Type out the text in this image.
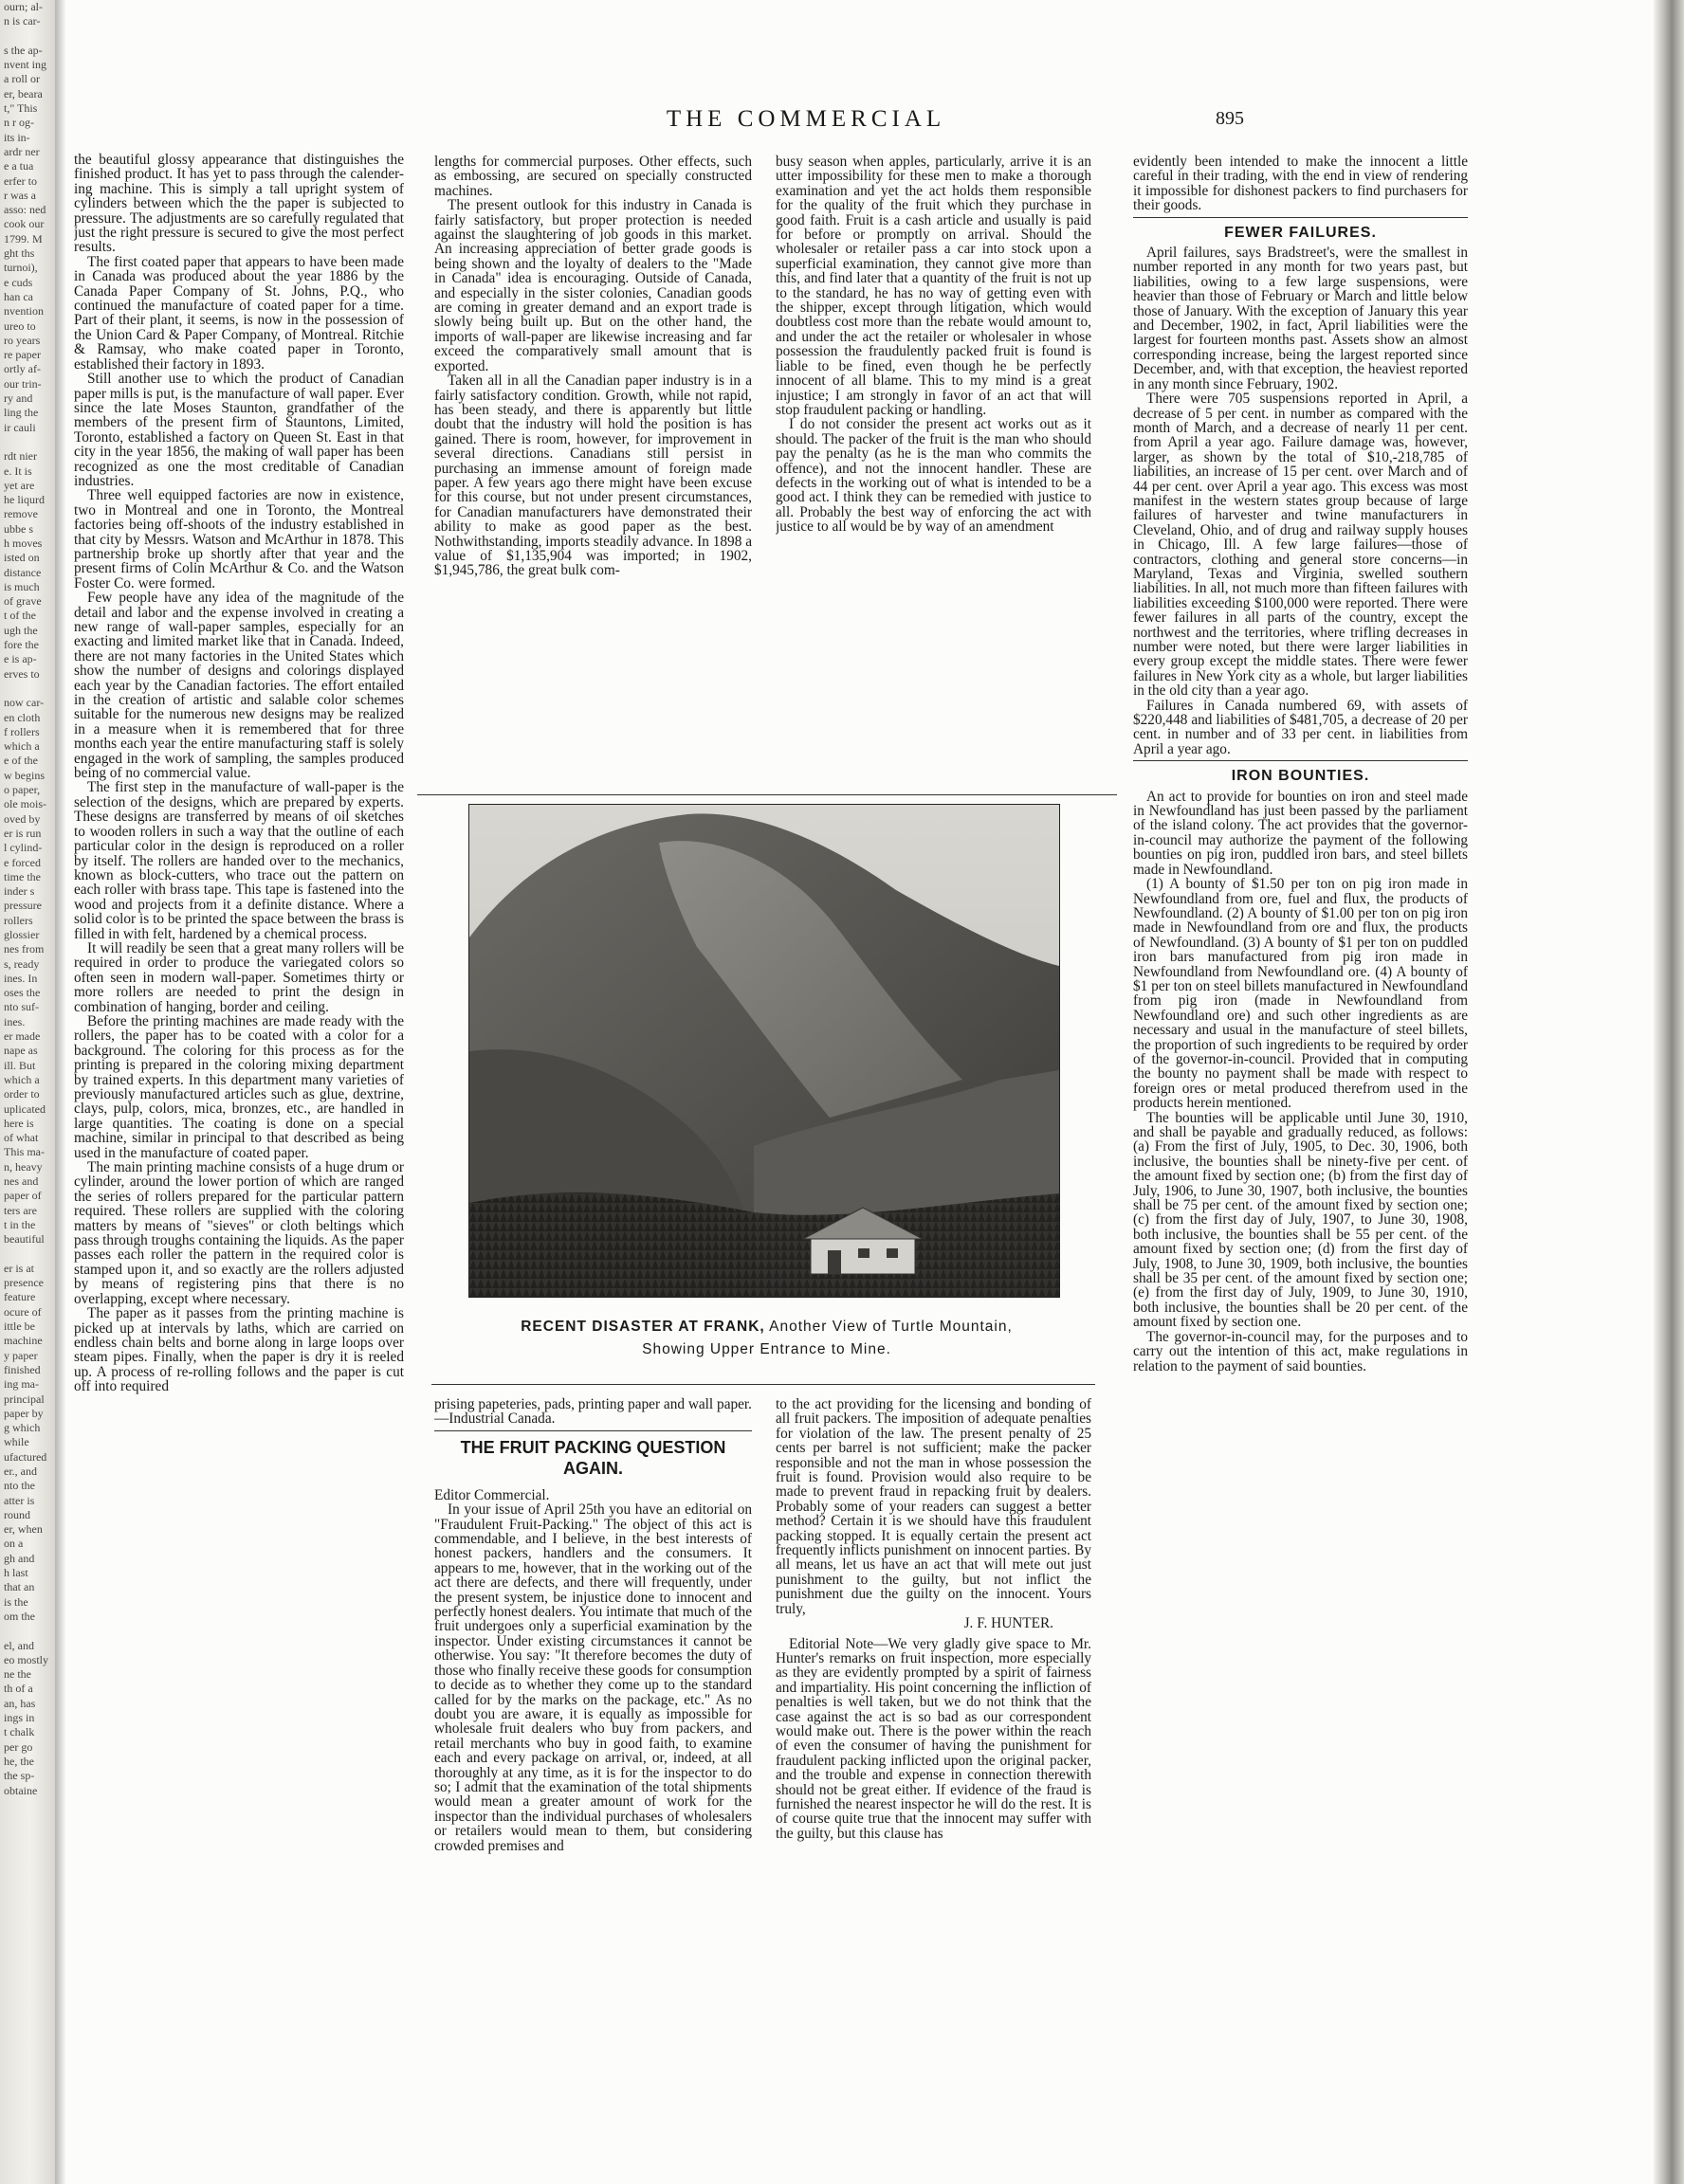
ourn; al-
n is car-

s the ap-
nvent ing
a roll or
er, beara
t," This
n r og-
its in-
ardr ner
e a tua
erfer to
r was a
asso: ned
cook our
1799. M
ght ths
turnoi),
e cuds
han ca
nvention
ureo to
ro years
re paper
ortly af-
our trin-
ry and
ling the
ir cauli

rdt nier
e. It is
yet are
he liqurd
remove
ubbe s
h moves
isted on
distance
is much
of grave
t of the
ugh the
fore the
e is ap-
erves to

now car-
en cloth
f rollers
which a
e of the
w begins
o paper,
ole mois-
oved by
er is run
l cylind-
e forced
time the
inder s
pressure
rollers
glossier
nes from
s, ready
ines. In
oses the
nto suf-
ines.
er made
nape as
ill. But
which a
order to
uplicated
here is
of what
This ma-
n, heavy
nes and
paper of
ters are
t in the
beautiful

er is at
presence
feature
ocure of
ittle be
machine
y paper
finished
ing ma-
principal
paper by
g which
while
ufactured
er., and
nto the
atter is
round
er, when
on a
gh and
h last
that an
is the
om the

el, and
eo mostly
ne the
th of a
an, has
ings in
t chalk
per go
he, the
the sp-
obtaine
THE COMMERCIAL	895

the beautiful glossy appearance that distinguishes the finished product. It has yet to pass through the calender-ing machine. This is simply a tall upright system of cylinders between which the the paper is subjected to pressure. The adjustments are so carefully regulated that just the right pressure is secured to give the most perfect results.

The first coated paper that appears to have been made in Canada was produced about the year 1886 by the Canada Paper Company of St. Johns, P.Q., who continued the manufacture of coated paper for a time. Part of their plant, it seems, is now in the possession of the Union Card & Paper Company, of Montreal. Ritchie & Ramsay, who make coated paper in Toronto, established their factory in 1893.

Still another use to which the product of Canadian paper mills is put, is the manufacture of wall paper. Ever since the late Moses Staunton, grandfather of the members of the present firm of Stauntons, Limited, Toronto, established a factory on Queen St. East in that city in the year 1856, the making of wall paper has been recognized as one the most creditable of Canadian industries.

Three well equipped factories are now in existence, two in Montreal and one in Toronto, the Montreal factories being off-shoots of the industry established in that city by Messrs. Watson and McArthur in 1878. This partnership broke up shortly after that year and the present firms of Colin McArthur & Co. and the Watson Foster Co. were formed.

Few people have any idea of the magnitude of the detail and labor and the expense involved in creating a new range of wall-paper samples, especially for an exacting and limited market like that in Canada. Indeed, there are not many factories in the United States which show the number of designs and colorings displayed each year by the Canadian factories. The effort entailed in the creation of artistic and salable color schemes suitable for the numerous new designs may be realized in a measure when it is remembered that for three months each year the entire manufacturing staff is solely engaged in the work of sampling, the samples produced being of no commercial value.

The first step in the manufacture of wall-paper is the selection of the designs, which are prepared by experts. These designs are transferred by means of oil sketches to wooden rollers in such a way that the outline of each particular color in the design is reproduced on a roller by itself. The rollers are handed over to the mechanics, known as block-cutters, who trace out the pattern on each roller with brass tape. This tape is fastened into the wood and projects from it a definite distance. Where a solid color is to be printed the space between the brass is filled in with felt, hardened by a chemical process.

It will readily be seen that a great many rollers will be required in order to produce the variegated colors so often seen in modern wall-paper. Sometimes thirty or more rollers are needed to print the design in combination of hanging, border and ceiling.

Before the printing machines are made ready with the rollers, the paper has to be coated with a color for a background. The coloring for this process as for the printing is prepared in the coloring mixing department by trained experts. In this department many varieties of previously manufactured articles such as glue, dextrine, clays, pulp, colors, mica, bronzes, etc., are handled in large quantities. The coating is done on a special machine, similar in principal to that described as being used in the manufacture of coated paper.

The main printing machine consists of a huge drum or cylinder, around the lower portion of which are ranged the series of rollers prepared for the particular pattern required. These rollers are supplied with the coloring matters by means of "sieves" or cloth beltings which pass through troughs containing the liquids. As the paper passes each roller the pattern in the required color is stamped upon it, and so exactly are the rollers adjusted by means of registering pins that there is no overlapping, except where necessary.

The paper as it passes from the printing machine is picked up at intervals by laths, which are carried on endless chain belts and borne along in large loops over steam pipes. Finally, when the paper is dry it is reeled up. A process of re-rolling follows and the paper is cut off into required

lengths for commercial purposes. Other effects, such as embossing, are secured on specially constructed machines.

The present outlook for this industry in Canada is fairly satisfactory, but proper protection is needed against the slaughtering of job goods in this market. An increasing appreciation of better grade goods is being shown and the loyalty of dealers to the "Made in Canada" idea is encouraging. Outside of Canada, and especially in the sister colonies, Canadian goods are coming in greater demand and an export trade is slowly being built up. But on the other hand, the imports of wall-paper are likewise increasing and far exceed the comparatively small amount that is exported.

Taken all in all the Canadian paper industry is in a fairly satisfactory condition. Growth, while not rapid, has been steady, and there is apparently but little doubt that the industry will hold the position is has gained. There is room, however, for improvement in several directions. Canadians still persist in purchasing an immense amount of foreign made paper. A few years ago there might have been excuse for this course, but not under present circumstances, for Canadian manufacturers have demonstrated their ability to make as good paper as the best. Nothwithstanding, imports steadily advance. In 1898 a value of $1,135,904 was imported; in 1902, $1,945,786, the great bulk com-

busy season when apples, particularly, arrive it is an utter impossibility for these men to make a thorough examination and yet the act holds them responsible for the quality of the fruit which they purchase in good faith. Fruit is a cash article and usually is paid for before or promptly on arrival. Should the wholesaler or retailer pass a car into stock upon a superficial examination, they cannot give more than this, and find later that a quantity of the fruit is not up to the standard, he has no way of getting even with the shipper, except through litigation, which would doubtless cost more than the rebate would amount to, and under the act the retailer or wholesaler in whose possession the fraudulently packed fruit is found is liable to be fined, even though he be perfectly innocent of all blame. This to my mind is a great injustice; I am strongly in favor of an act that will stop fraudulent packing or handling.

I do not consider the present act works out as it should. The packer of the fruit is the man who should pay the penalty (as he is the man who commits the offence), and not the innocent handler. These are defects in the working out of what is intended to be a good act. I think they can be remedied with justice to all. Probably the best way of enforcing the act with justice to all would be by way of an amendment

evidently been intended to make the innocent a little careful in their trading, with the end in view of rendering it impossible for dishonest packers to find purchasers for their goods.

FEWER FAILURES.

April failures, says Bradstreet's, were the smallest in number reported in any month for two years past, but liabilities, owing to a few large suspensions, were heavier than those of February or March and little below those of January. With the exception of January this year and December, 1902, in fact, April liabilities were the largest for fourteen months past. Assets show an almost corresponding increase, being the largest reported since December, and, with that exception, the heaviest reported in any month since February, 1902.

There were 705 suspensions reported in April, a decrease of 5 per cent. in number as compared with the month of March, and a decrease of nearly 11 per cent. from April a year ago. Failure damage was, however, larger, as shown by the total of $10,-218,785 of liabilities, an increase of 15 per cent. over March and of 44 per cent. over April a year ago. This excess was most manifest in the western states group because of large failures of harvester and twine manufacturers in Cleveland, Ohio, and of drug and railway supply houses in Chicago, Ill. A few large failures—those of contractors, clothing and general store concerns—in Maryland, Texas and Virginia, swelled southern liabilities. In all, not much more than fifteen failures with liabilities exceeding $100,000 were reported. There were fewer failures in all parts of the country, except the northwest and the territories, where trifling decreases in number were noted, but there were larger liabilities in every group except the middle states. There were fewer failures in New York city as a whole, but larger liabilities in the old city than a year ago.

Failures in Canada numbered 69, with assets of $220,448 and liabilities of $481,705, a decrease of 20 per cent. in number and of 33 per cent. in liabilities from April a year ago.

IRON BOUNTIES.

An act to provide for bounties on iron and steel made in Newfoundland has just been passed by the parliament of the island colony. The act provides that the governor-in-council may authorize the payment of the following bounties on pig iron, puddled iron bars, and steel billets made in Newfoundland.

(1) A bounty of $1.50 per ton on pig iron made in Newfoundland from ore, fuel and flux, the products of Newfoundland. (2) A bounty of $1.00 per ton on pig iron made in Newfoundland from ore and flux, the products of Newfoundland. (3) A bounty of $1 per ton on puddled iron bars manufactured from pig iron made in Newfoundland from Newfoundland ore. (4) A bounty of $1 per ton on steel billets manufactured in Newfoundland from pig iron (made in Newfoundland from Newfoundland ore) and such other ingredients as are necessary and usual in the manufacture of steel billets, the proportion of such ingredients to be required by order of the governor-in-council. Provided that in computing the bounty no payment shall be made with respect to foreign ores or metal produced therefrom used in the products herein mentioned.

The bounties will be applicable until June 30, 1910, and shall be payable and gradually reduced, as follows: (a) From the first of July, 1905, to Dec. 30, 1906, both inclusive, the bounties shall be ninety-five per cent. of the amount fixed by section one; (b) from the first day of July, 1906, to June 30, 1907, both inclusive, the bounties shall be 75 per cent. of the amount fixed by section one; (c) from the first day of July, 1907, to June 30, 1908, both inclusive, the bounties shall be 55 per cent. of the amount fixed by section one; (d) from the first day of July, 1908, to June 30, 1909, both inclusive, the bounties shall be 35 per cent. of the amount fixed by section one; (e) from the first day of July, 1909, to June 30, 1910, both inclusive, the bounties shall be 20 per cent. of the amount fixed by section one.

The governor-in-council may, for the purposes and to carry out the intention of this act, make regulations in relation to the payment of said bounties.

RECENT DISASTER AT FRANK, Another View of Turtle Mountain,
Showing Upper Entrance to Mine.

prising papeteries, pads, printing paper and wall paper.—Industrial Canada.

THE FRUIT PACKING QUESTION AGAIN.

Editor Commercial.

In your issue of April 25th you have an editorial on "Fraudulent Fruit-Packing." The object of this act is commendable, and I believe, in the best interests of honest packers, handlers and the consumers. It appears to me, however, that in the working out of the act there are defects, and there will frequently, under the present system, be injustice done to innocent and perfectly honest dealers. You intimate that much of the fruit undergoes only a superficial examination by the inspector. Under existing circumstances it cannot be otherwise. You say: "It therefore becomes the duty of those who finally receive these goods for consumption to decide as to whether they come up to the standard called for by the marks on the package, etc." As no doubt you are aware, it is equally as impossible for wholesale fruit dealers who buy from packers, and retail merchants who buy in good faith, to examine each and every package on arrival, or, indeed, at all thoroughly at any time, as it is for the inspector to do so; I admit that the examination of the total shipments would mean a greater amount of work for the inspector than the individual purchases of wholesalers or retailers would mean to them, but considering crowded premises and

to the act providing for the licensing and bonding of all fruit packers. The imposition of adequate penalties for violation of the law. The present penalty of 25 cents per barrel is not sufficient; make the packer responsible and not the man in whose possession the fruit is found. Provision would also require to be made to prevent fraud in repacking fruit by dealers. Probably some of your readers can suggest a better method? Certain it is we should have this fraudulent packing stopped. It is equally certain the present act frequently inflicts punishment on innocent parties. By all means, let us have an act that will mete out just punishment to the guilty, but not inflict the punishment due the guilty on the innocent. Yours truly,

J. F. HUNTER.

Editorial Note—We very gladly give space to Mr. Hunter's remarks on fruit inspection, more especially as they are evidently prompted by a spirit of fairness and impartiality. His point concerning the infliction of penalties is well taken, but we do not think that the case against the act is so bad as our correspondent would make out. There is the power within the reach of even the consumer of having the punishment for fraudulent packing inflicted upon the original packer, and the trouble and expense in connection therewith should not be great either. If evidence of the fraud is furnished the nearest inspector he will do the rest. It is of course quite true that the innocent may suffer with the guilty, but this clause has
